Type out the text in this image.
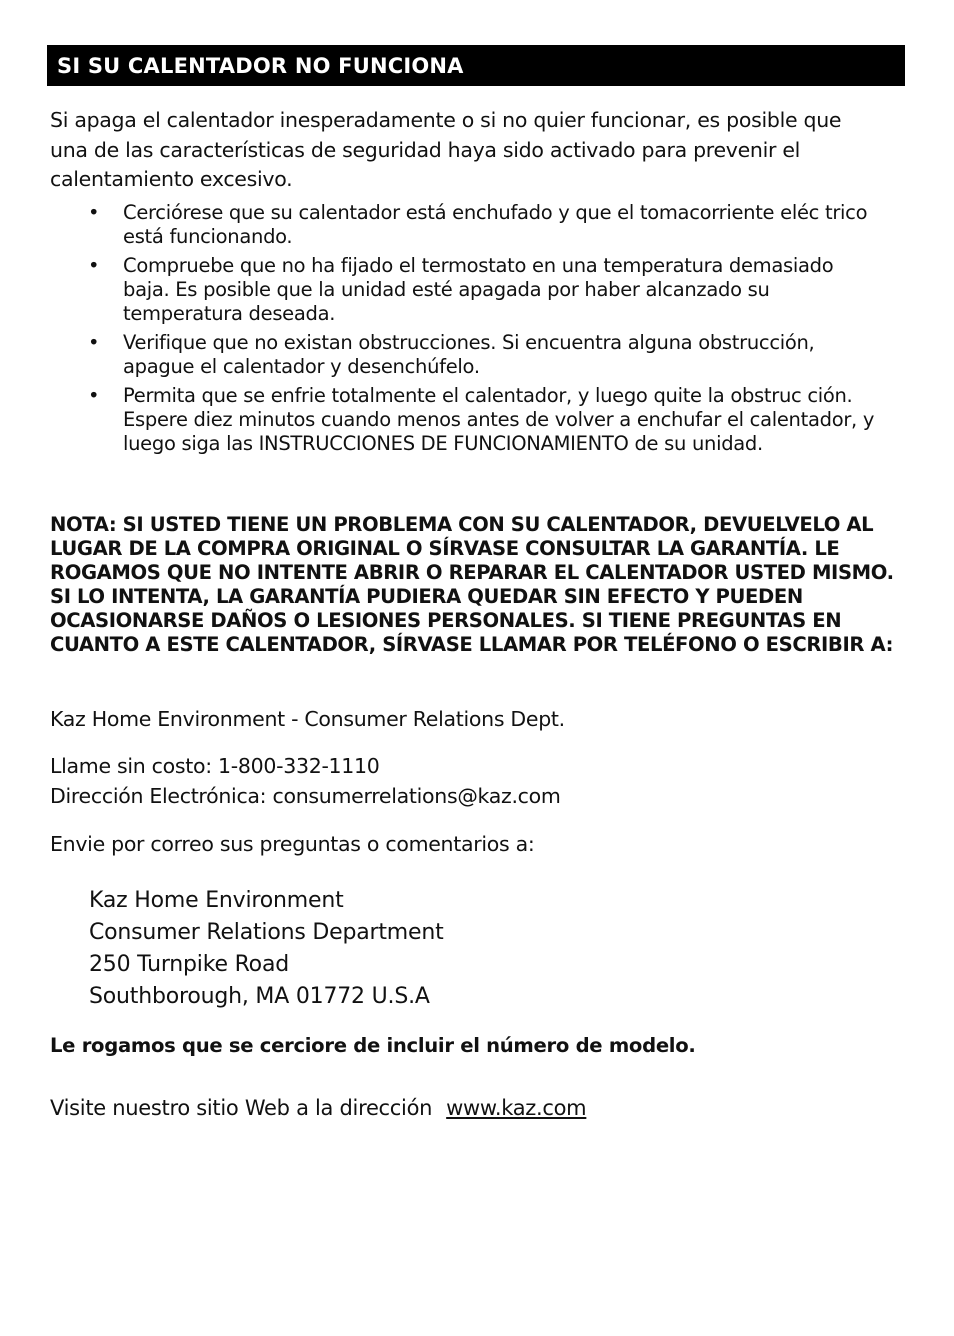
SI SU CALENTADOR NO FUNCIONA
Si apaga el calentador inesperadamente o si no quier funcionar, es posible que una de las características de seguridad haya sido activado para prevenir el calentamiento excesivo.
• Cerciórese que su calentador está enchufado y que el tomacorriente eléc trico está funcionando.
• Compruebe que no ha fijado el termostato en una temperatura demasiado baja. Es posible que la unidad esté apagada por haber alcanzado su temperatura deseada.
• Verifique que no existan obstrucciones. Si encuentra alguna obstrucción, apague el calentador y desenchúfelo.
• Permita que se enfrie totalmente el calentador, y luego quite la obstruc ción. Espere diez minutos cuando menos antes de volver a enchufar el calentador, y luego siga las INSTRUCCIONES DE FUNCIONAMIENTO de su unidad.
NOTA: SI USTED TIENE UN PROBLEMA CON SU CALENTADOR, DEVUELVELO AL LUGAR DE LA COMPRA ORIGINAL O SÍRVASE CONSULTAR LA GARANTÍA. LE ROGAMOS QUE NO INTENTE ABRIR O REPARAR EL CALENTADOR USTED MISMO. SI LO INTENTA, LA GARANTÍA PUDIERA QUEDAR SIN EFECTO Y PUEDEN OCASIONARSE DAÑOS O LESIONES PERSONALES. SI TIENE PREGUNTAS EN CUANTO A ESTE CALENTADOR, SÍRVASE LLAMAR POR TELÉFONO O ESCRIBIR A:
Kaz Home Environment - Consumer Relations Dept.
Llame sin costo: 1-800-332-1110
Dirección Electrónica: consumerrelations@kaz.com
Envie por correo sus preguntas o comentarios a:
Kaz Home Environment
Consumer Relations Department
250 Turnpike Road
Southborough, MA 01772 U.S.A
Le rogamos que se cerciore de incluir el número de modelo.
Visite nuestro sitio Web a la dirección www.kaz.com
